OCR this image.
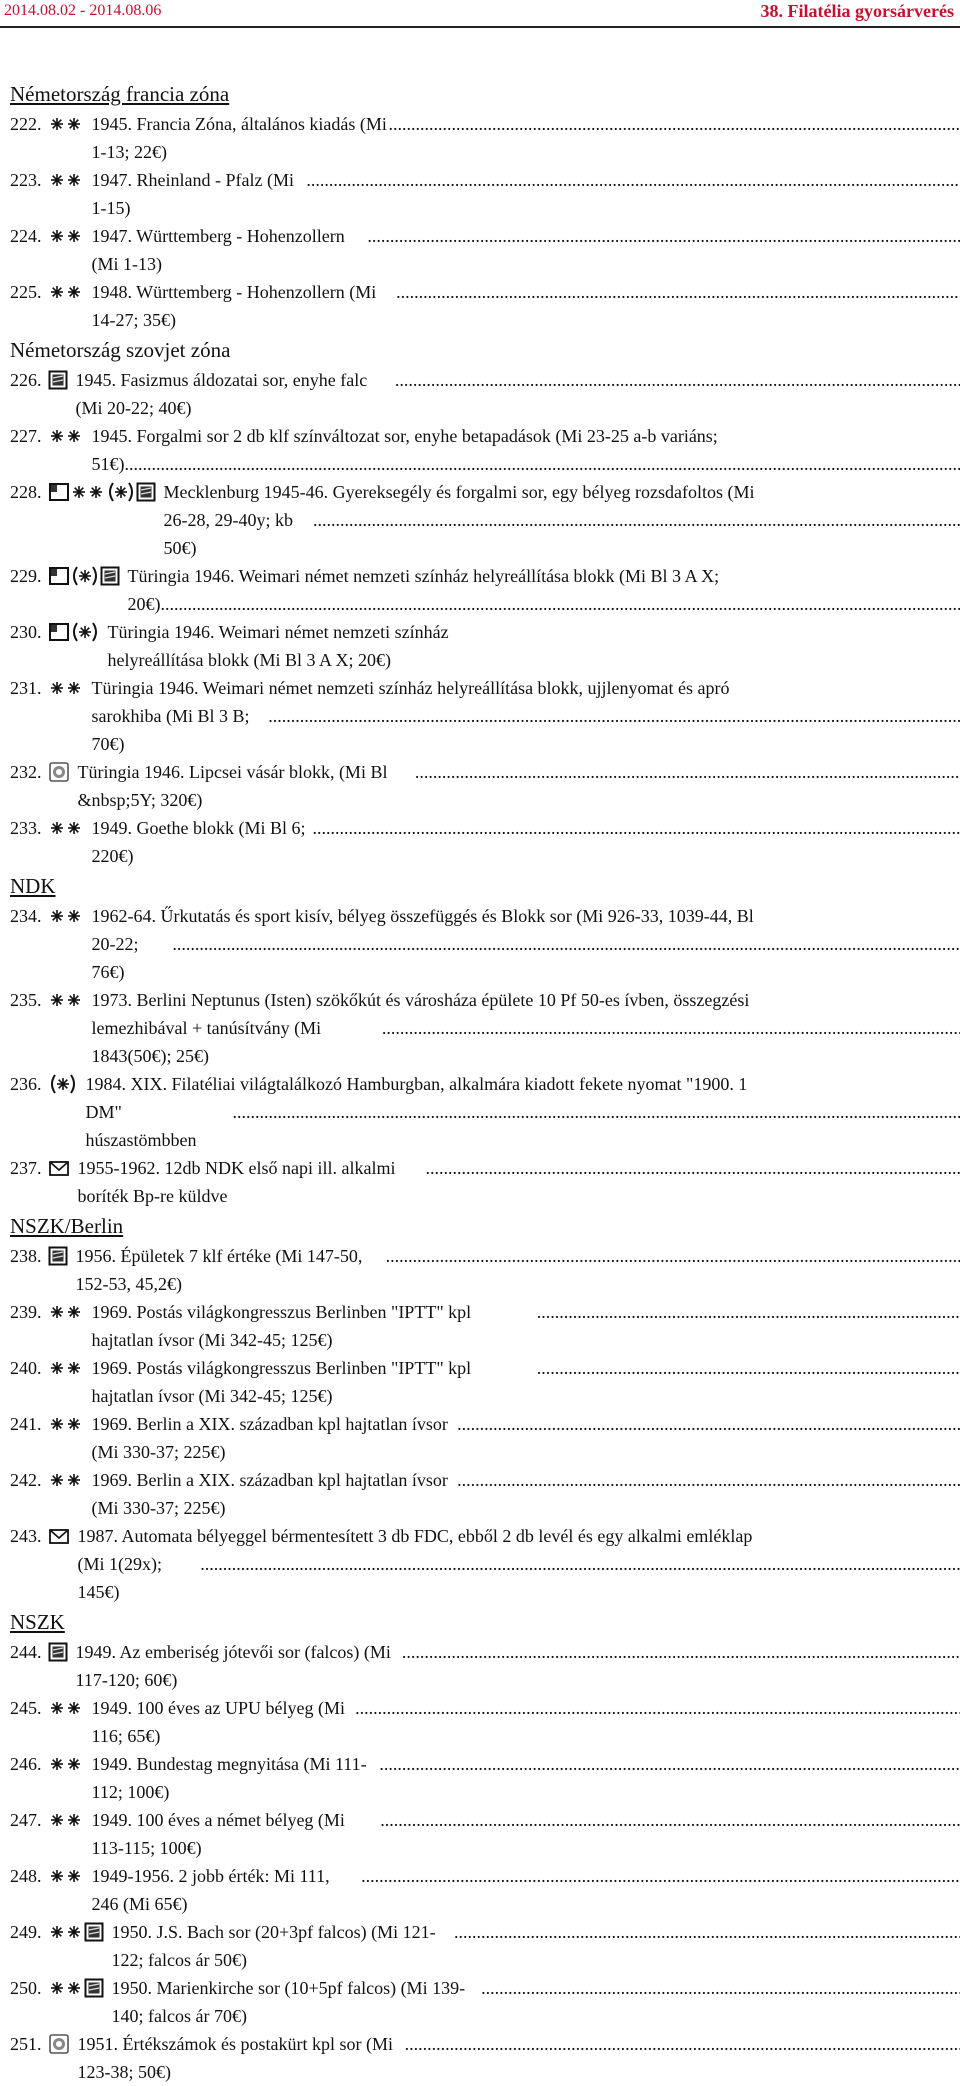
2014.08.02 - 2014.08.06	38. Filatélia gyorsárverés
Németország francia zóna
222.	1945. Francia Zóna, általános kiadás (Mi 1-13; 22€)
.....
223.	1947. Rheinland - Pfalz (Mi 1-15)
.....
224.	1947. Württemberg - Hohenzollern (Mi 1-13)
.....
225.	1948. Württemberg - Hohenzollern (Mi 14-27; 35€)
.....
Németország szovjet zóna
226. 1945. Fasizmus áldozatai sor, enyhe falc (Mi 20-22; 40€)
.....
227.	1945. Forgalmi sor 2 db klf színváltozat sor, enyhe betapadások (Mi 23-25 a-b variáns;
51€)....
.....
228.	Mecklenburg 1945-46. Gyereksegély és forgalmi sor, egy bélyeg rozsdafoltos (Mi
26-28, 29-40y; kb 50€)
.....
229.	Türingia 1946. Weimari német nemzeti színház helyreállítása blokk (Mi Bl 3 A X;
20€)...
.....
230.	Türingia 1946. Weimari német nemzeti színház helyreállítása blokk (Mi Bl 3 A X; 20€)
231.	Türingia 1946. Weimari német nemzeti színház helyreállítása blokk, ujjlenyomat és apró
sarokhiba (Mi Bl 3 B; 70€)
.....
232. Türingia 1946. Lipcsei vásár blokk, (Mi Bl &nbsp;5Y; 320€)
.....
233.	1949. Goethe blokk (Mi Bl 6; 220€)
.....
NDK
234.	1962-64. Űrkutatás és sport kisív, bélyeg összefüggés és Blokk sor (Mi 926-33, 1039-44, Bl
20-22; 76€)
.....
235.	1973. Berlini Neptunus (Isten) szökőkút és városháza épülete 10 Pf 50-es ívben, összegzési
lemezhibával + tanúsítvány (Mi 1843(50€); 25€)
.....
236. 1984. XIX. Filatéliai világtalálkozó Hamburgban, alkalmára kiadott fekete nyomat "1900. 1
DM" húszastömbben
.....
237. 1955-1962. 12db NDK első napi ill. alkalmi boríték Bp-re küldve
.....
NSZK/Berlin
238. 1956. Épületek 7 klf értéke (Mi 147-50, 152-53, 45,2€)
.....
239.	1969. Postás világkongresszus Berlinben "IPTT" kpl hajtatlan ívsor (Mi 342-45; 125€)
.....
240.	1969. Postás világkongresszus Berlinben "IPTT" kpl hajtatlan ívsor (Mi 342-45; 125€)
.....
241.	1969. Berlin a XIX. században kpl hajtatlan ívsor (Mi 330-37; 225€)
.....
242.	1969. Berlin a XIX. században kpl hajtatlan ívsor (Mi 330-37; 225€)
.....
243. 1987. Automata bélyeggel bérmentesített 3 db FDC, ebből 2 db levél és egy alkalmi emléklap
(Mi 1(29x); 145€)
.....
NSZK
244. 1949. Az emberiség jótevői sor (falcos) (Mi 117-120; 60€)
.....
245.	1949. 100 éves az UPU bélyeg (Mi 116; 65€)
.....
246.	1949. Bundestag megnyitása (Mi 111-112; 100€)
.....
247.	1949. 100 éves a német bélyeg (Mi 113-115; 100€)
.....
248.	1949-1956. 2 jobb érték: Mi 111, 246 (Mi 65€)
.....
249.	1950. J.S. Bach sor (20+3pf falcos) (Mi 121-122; falcos ár 50€)
.....
250.	1950. Marienkirche sor (10+5pf falcos) (Mi 139-140; falcos ár 70€)
.....
251. 1951. Értékszámok és postakürt kpl sor (Mi 123-38; 50€)
.....
